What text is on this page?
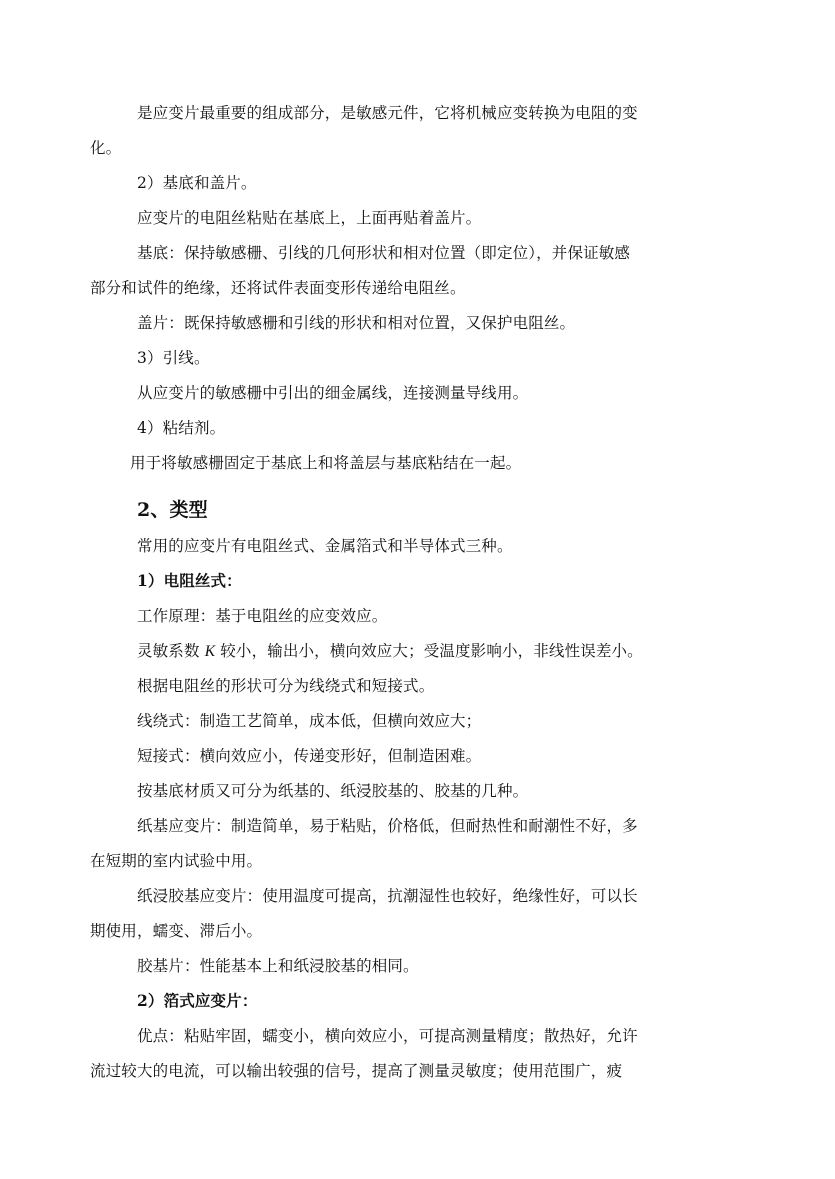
是应变片最重要的组成部分，是敏感元件，它将机械应变转换为电阻的变
化。
2）基底和盖片。
应变片的电阻丝粘贴在基底上，上面再贴着盖片。
基底：保持敏感栅、引线的几何形状和相对位置（即定位），并保证敏感
部分和试件的绝缘，还将试件表面变形传递给电阻丝。
盖片：既保持敏感栅和引线的形状和相对位置，又保护电阻丝。
3）引线。
从应变片的敏感栅中引出的细金属线，连接测量导线用。
4）粘结剂。
用于将敏感栅固定于基底上和将盖层与基底粘结在一起。
2、类型
常用的应变片有电阻丝式、金属箔式和半导体式三种。
1）电阻丝式：
工作原理：基于电阻丝的应变效应。
灵敏系数 K 较小，输出小，横向效应大；受温度影响小，非线性误差小。
根据电阻丝的形状可分为线绕式和短接式。
线绕式：制造工艺简单，成本低，但横向效应大；
短接式：横向效应小，传递变形好，但制造困难。
按基底材质又可分为纸基的、纸浸胶基的、胶基的几种。
纸基应变片：制造简单，易于粘贴，价格低，但耐热性和耐潮性不好，多
在短期的室内试验中用。
纸浸胶基应变片：使用温度可提高，抗潮湿性也较好，绝缘性好，可以长
期使用，蠕变、滞后小。
胶基片：性能基本上和纸浸胶基的相同。
2）箔式应变片：
优点：粘贴牢固，蠕变小，横向效应小，可提高测量精度；散热好，允许
流过较大的电流，可以输出较强的信号，提高了测量灵敏度；使用范围广，疲
